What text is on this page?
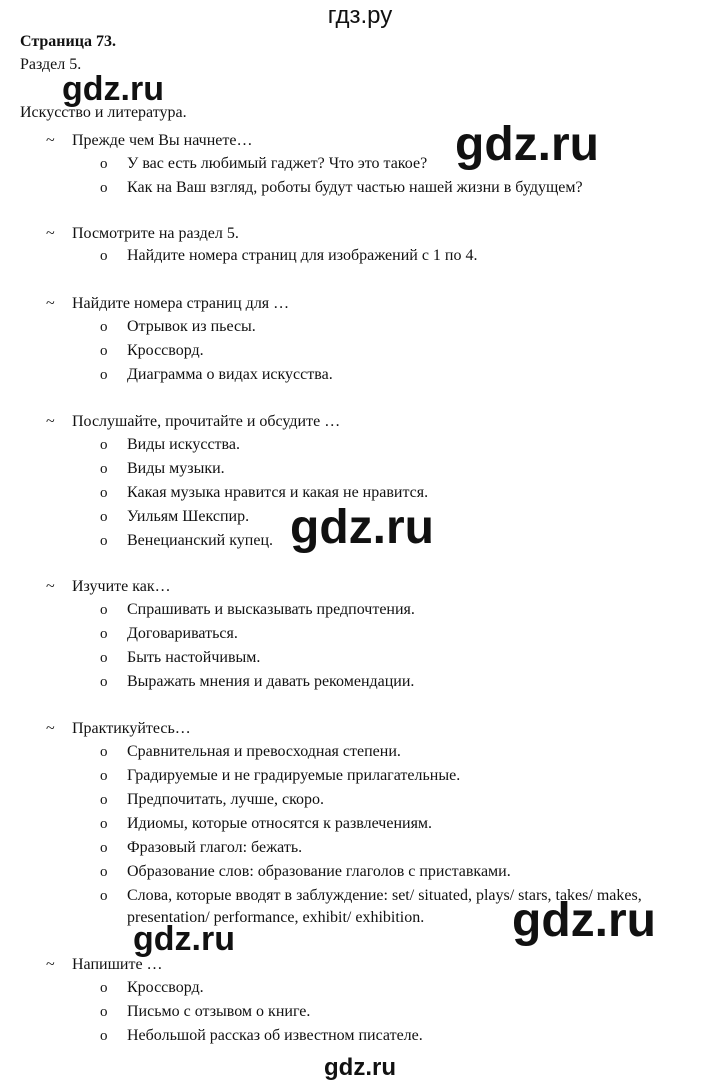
гдз.ру
Страница 73.
Раздел 5.
Искусство и литература.
~ Прежде чем Вы начнете…
o У вас есть любимый гаджет? Что это такое?
o Как на Ваш взгляд, роботы будут частью нашей жизни в будущем?
~ Посмотрите на раздел 5.
o Найдите номера страниц для изображений с 1 по 4.
~ Найдите номера страниц для …
o Отрывок из пьесы.
o Кроссворд.
o Диаграмма о видах искусства.
~ Послушайте, прочитайте и обсудите …
o Виды искусства.
o Виды музыки.
o Какая музыка нравится и какая не нравится.
o Уильям Шекспир.
o Венецианский купец.
~ Изучите как…
o Спрашивать и высказывать предпочтения.
o Договариваться.
o Быть настойчивым.
o Выражать мнения и давать рекомендации.
~ Практикуйтесь…
o Сравнительная и превосходная степени.
o Градируемые и не градируемые прилагательные.
o Предпочитать, лучше, скоро.
o Идиомы, которые относятся к развлечениям.
o Фразовый глагол: бежать.
o Образование слов: образование глаголов с приставками.
o Слова, которые вводят в заблуждение: set/ situated, plays/ stars, takes/ makes,
presentation/ performance, exhibit/ exhibition.
~ Напишите …
o Кроссворд.
o Письмо с отзывом о книге.
o Небольшой рассказ об известном писателе.
gdz.ru
gdz.ru
gdz.ru
gdz.ru
gdz.ru
gdz.ru
